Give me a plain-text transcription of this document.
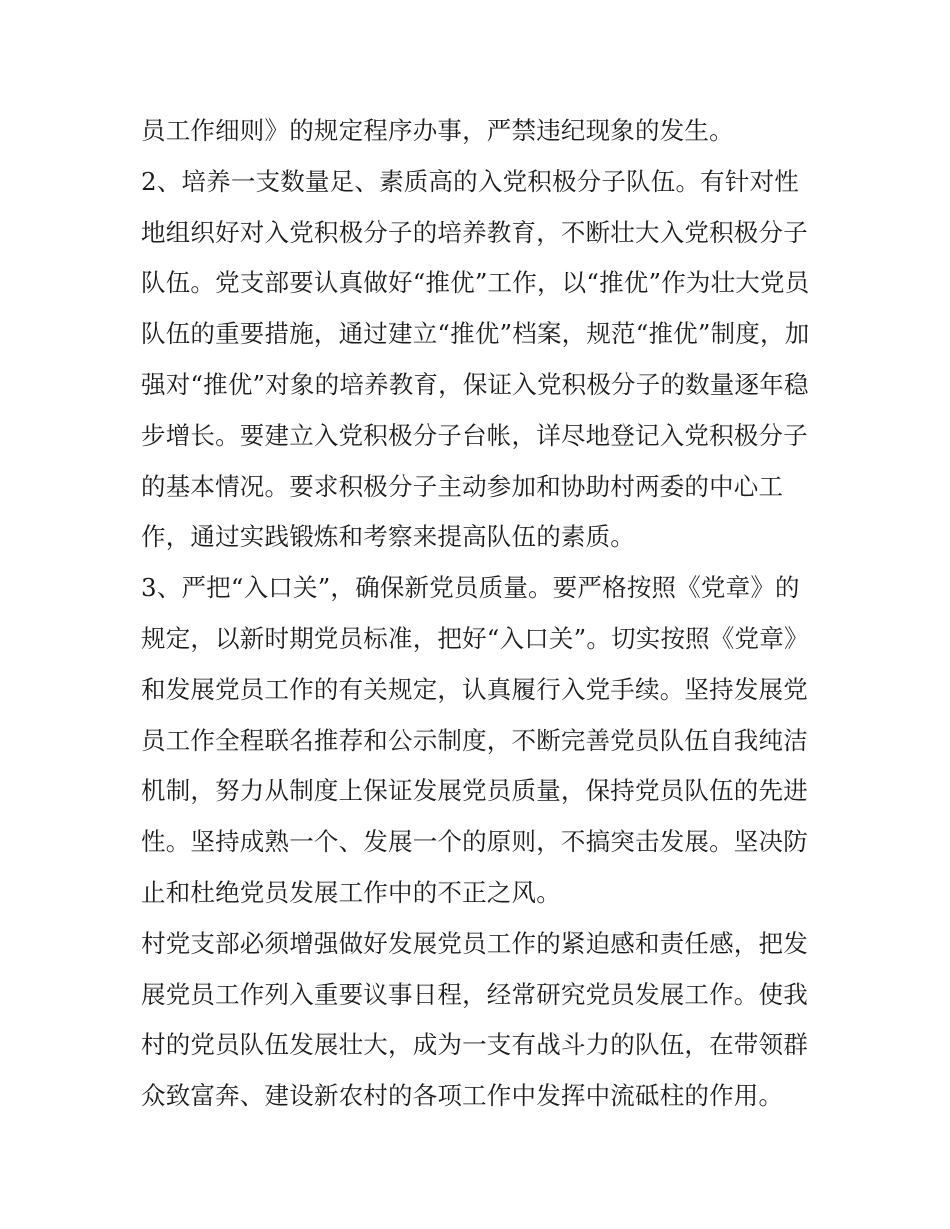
员工作细则》的规定程序办事，严禁违纪现象的发生。
2、培养一支数量足、素质高的入党积极分子队伍。有针对性
地组织好对入党积极分子的培养教育，不断壮大入党积极分子
队伍。党支部要认真做好“推优”工作，以“推优”作为壮大党员
队伍的重要措施，通过建立“推优”档案，规范“推优”制度，加
强对“推优”对象的培养教育，保证入党积极分子的数量逐年稳
步增长。要建立入党积极分子台帐，详尽地登记入党积极分子
的基本情况。要求积极分子主动参加和协助村两委的中心工
作，通过实践锻炼和考察来提高队伍的素质。
3、严把“入口关”，确保新党员质量。要严格按照《党章》的
规定，以新时期党员标准，把好“入口关”。切实按照《党章》
和发展党员工作的有关规定，认真履行入党手续。坚持发展党
员工作全程联名推荐和公示制度，不断完善党员队伍自我纯洁
机制，努力从制度上保证发展党员质量，保持党员队伍的先进
性。坚持成熟一个、发展一个的原则，不搞突击发展。坚决防
止和杜绝党员发展工作中的不正之风。
村党支部必须增强做好发展党员工作的紧迫感和责任感，把发
展党员工作列入重要议事日程，经常研究党员发展工作。使我
村的党员队伍发展壮大，成为一支有战斗力的队伍，在带领群
众致富奔、建设新农村的各项工作中发挥中流砥柱的作用。
